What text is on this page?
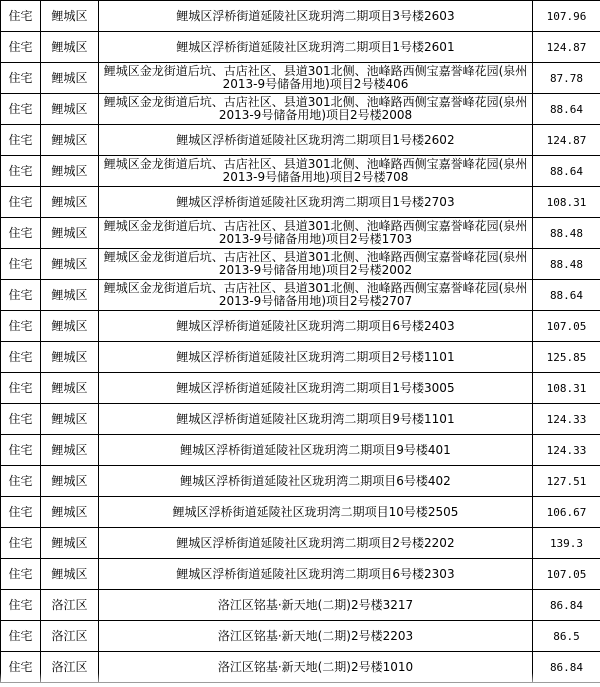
住宅	鲤城区	鲤城区浮桥街道延陵社区珑玥湾二期项目3号楼2603	107.96
住宅	鲤城区	鲤城区浮桥街道延陵社区珑玥湾二期项目1号楼2601	124.87
住宅	鲤城区	鲤城区金龙街道后坑、古店社区、县道301北侧、池峰路西侧宝嘉誉峰花园(泉州2013-9号储备用地)项目2号楼406	87.78
住宅	鲤城区	鲤城区金龙街道后坑、古店社区、县道301北侧、池峰路西侧宝嘉誉峰花园(泉州2013-9号储备用地)项目2号楼2008	88.64
住宅	鲤城区	鲤城区浮桥街道延陵社区珑玥湾二期项目1号楼2602	124.87
住宅	鲤城区	鲤城区金龙街道后坑、古店社区、县道301北侧、池峰路西侧宝嘉誉峰花园(泉州2013-9号储备用地)项目2号楼708	88.64
住宅	鲤城区	鲤城区浮桥街道延陵社区珑玥湾二期项目1号楼2703	108.31
住宅	鲤城区	鲤城区金龙街道后坑、古店社区、县道301北侧、池峰路西侧宝嘉誉峰花园(泉州2013-9号储备用地)项目2号楼1703	88.48
住宅	鲤城区	鲤城区金龙街道后坑、古店社区、县道301北侧、池峰路西侧宝嘉誉峰花园(泉州2013-9号储备用地)项目2号楼2002	88.48
住宅	鲤城区	鲤城区金龙街道后坑、古店社区、县道301北侧、池峰路西侧宝嘉誉峰花园(泉州2013-9号储备用地)项目2号楼2707	88.64
住宅	鲤城区	鲤城区浮桥街道延陵社区珑玥湾二期项目6号楼2403	107.05
住宅	鲤城区	鲤城区浮桥街道延陵社区珑玥湾二期项目2号楼1101	125.85
住宅	鲤城区	鲤城区浮桥街道延陵社区珑玥湾二期项目1号楼3005	108.31
住宅	鲤城区	鲤城区浮桥街道延陵社区珑玥湾二期项目9号楼1101	124.33
住宅	鲤城区	鲤城区浮桥街道延陵社区珑玥湾二期项目9号楼401	124.33
住宅	鲤城区	鲤城区浮桥街道延陵社区珑玥湾二期项目6号楼402	127.51
住宅	鲤城区	鲤城区浮桥街道延陵社区珑玥湾二期项目10号楼2505	106.67
住宅	鲤城区	鲤城区浮桥街道延陵社区珑玥湾二期项目2号楼2202	139.3
住宅	鲤城区	鲤城区浮桥街道延陵社区珑玥湾二期项目6号楼2303	107.05
住宅	洛江区	洛江区铭基·新天地(二期)2号楼3217	86.84
住宅	洛江区	洛江区铭基·新天地(二期)2号楼2203	86.5
住宅	洛江区	洛江区铭基·新天地(二期)2号楼1010	86.84
